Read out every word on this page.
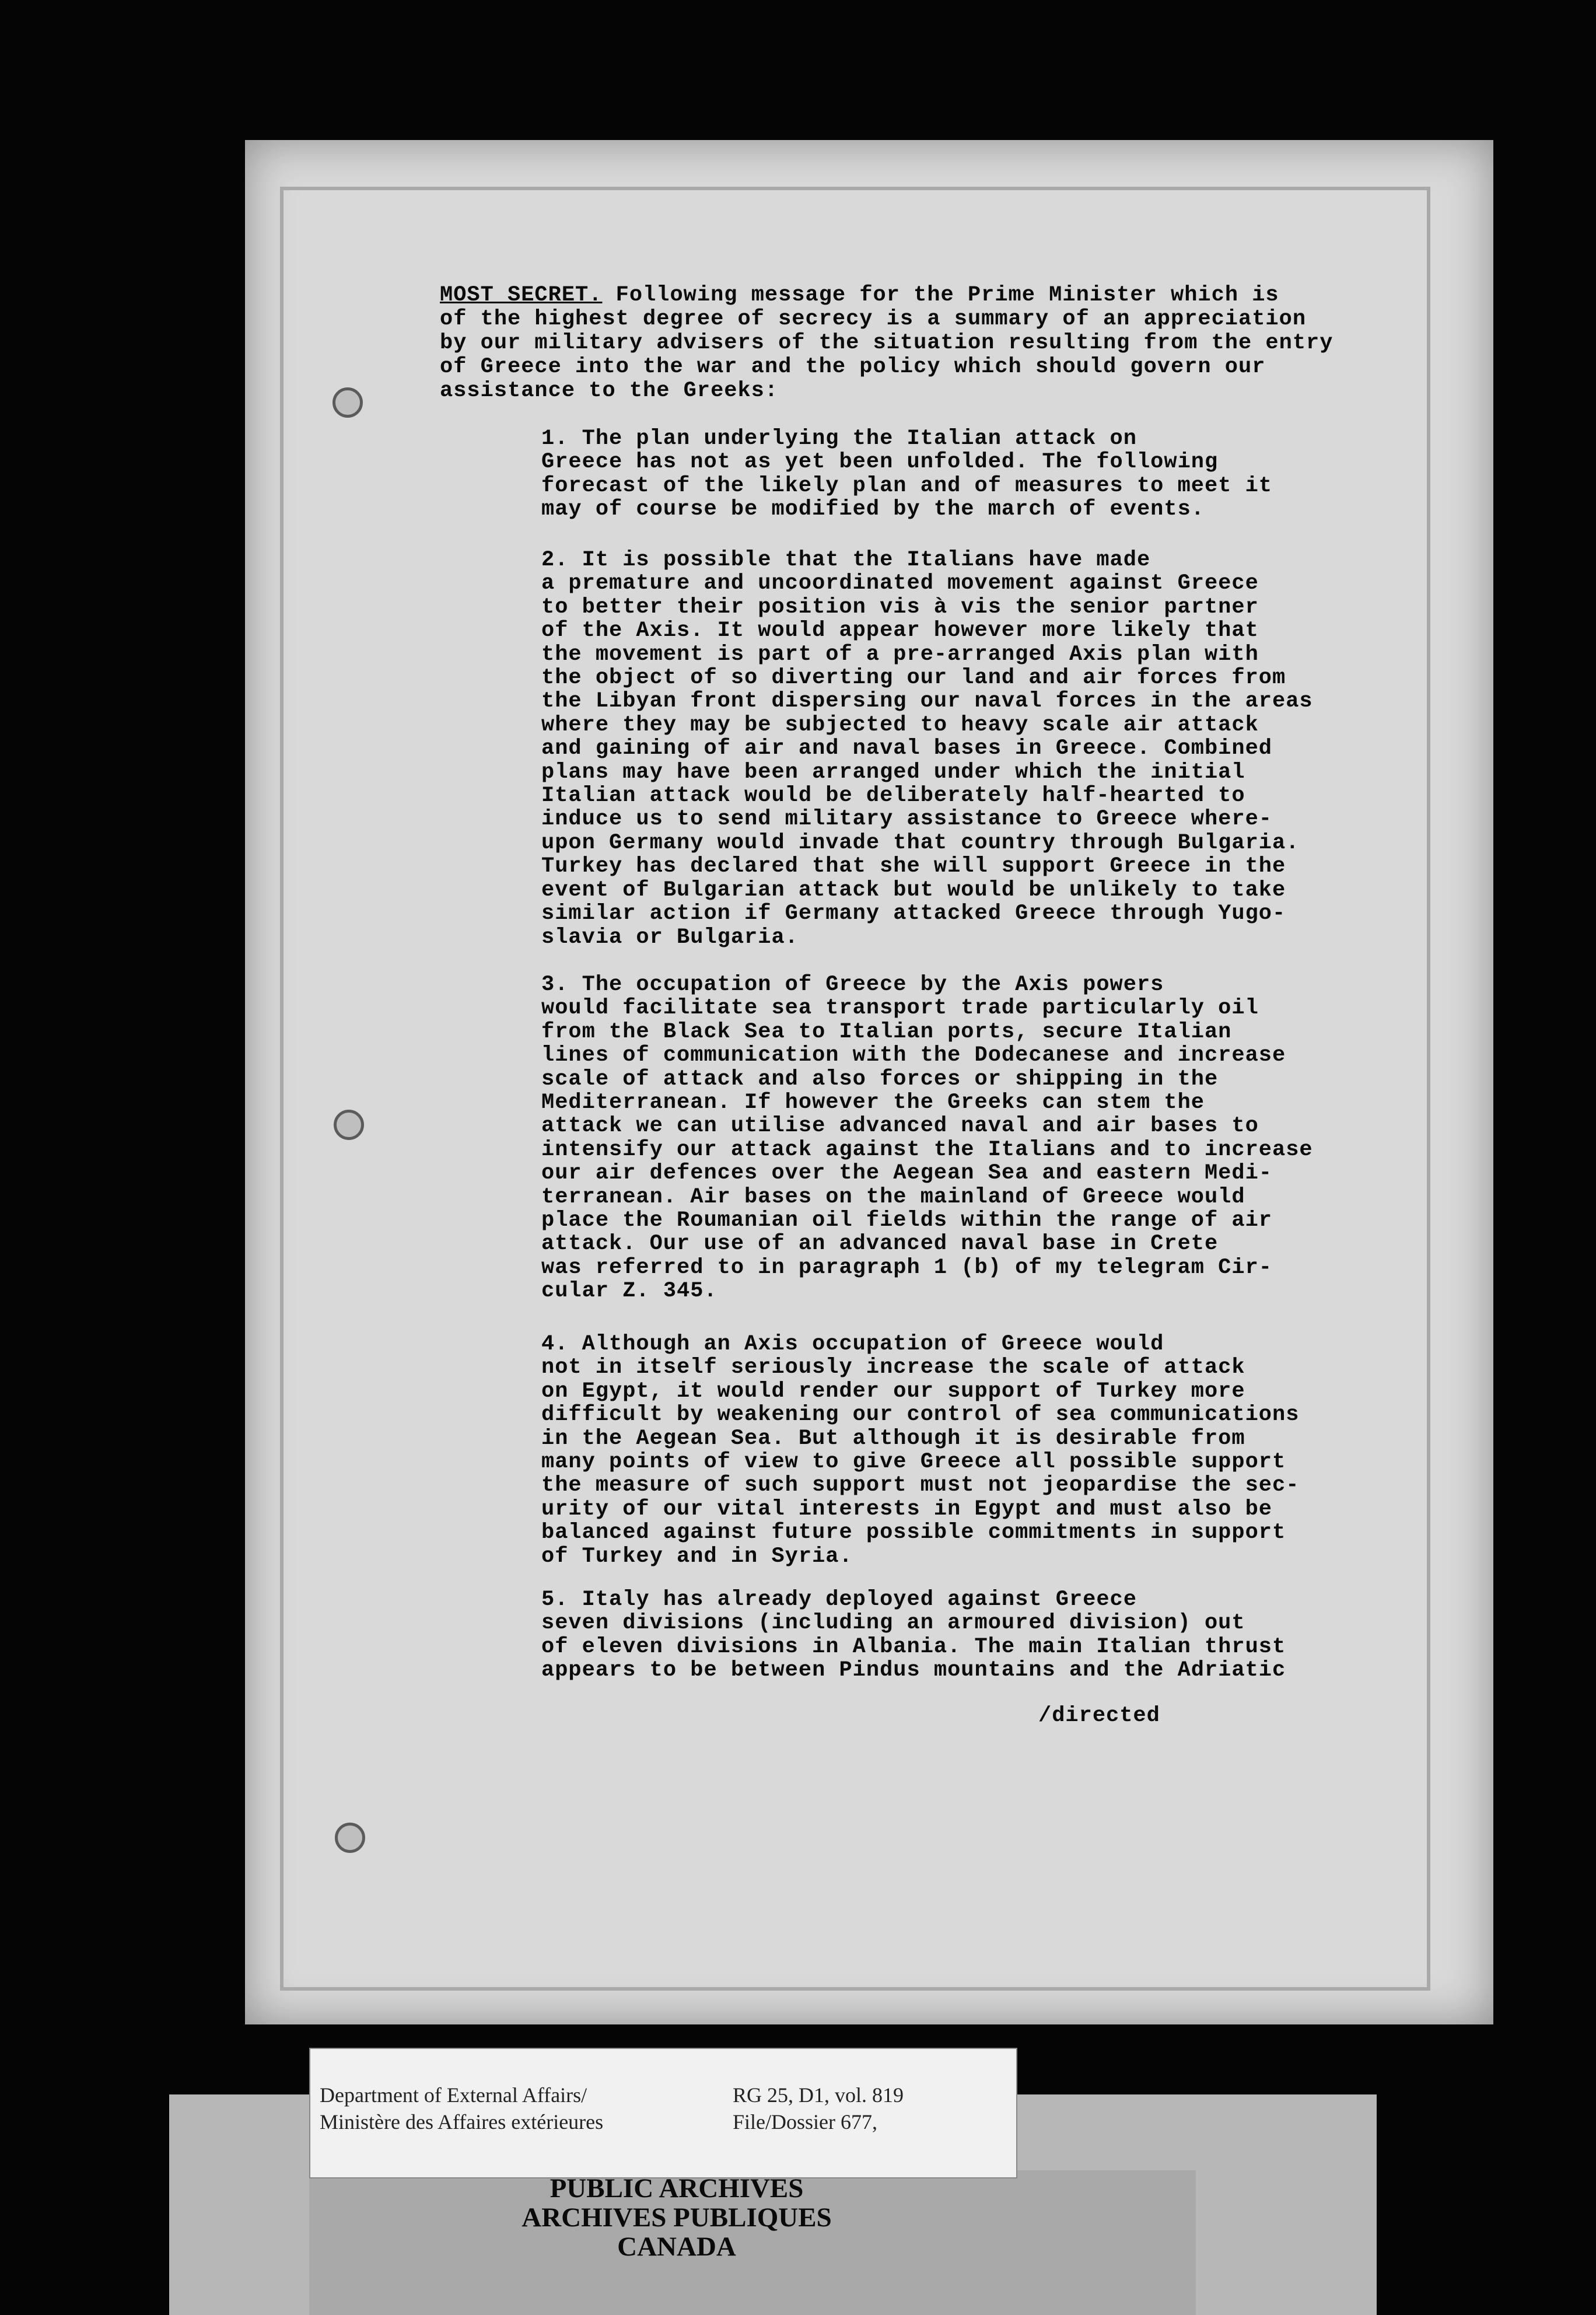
MOST SECRET. Following message for the Prime Minister which is
of the highest degree of secrecy is a summary of an appreciation
by our military advisers of the situation resulting from the entry
of Greece into the war and the policy which should govern our
assistance to the Greeks:
1. The plan underlying the Italian attack on
Greece has not as yet been unfolded. The following
forecast of the likely plan and of measures to meet it
may of course be modified by the march of events.
2. It is possible that the Italians have made
a premature and uncoordinated movement against Greece
to better their position vis à vis the senior partner
of the Axis. It would appear however more likely that
the movement is part of a pre-arranged Axis plan with
the object of so diverting our land and air forces from
the Libyan front dispersing our naval forces in the areas
where they may be subjected to heavy scale air attack
and gaining of air and naval bases in Greece. Combined
plans may have been arranged under which the initial
Italian attack would be deliberately half-hearted to
induce us to send military assistance to Greece where-
upon Germany would invade that country through Bulgaria.
Turkey has declared that she will support Greece in the
event of Bulgarian attack but would be unlikely to take
similar action if Germany attacked Greece through Yugo-
slavia or Bulgaria.
3. The occupation of Greece by the Axis powers
would facilitate sea transport trade particularly oil
from the Black Sea to Italian ports, secure Italian
lines of communication with the Dodecanese and increase
scale of attack and also forces or shipping in the
Mediterranean. If however the Greeks can stem the
attack we can utilise advanced naval and air bases to
intensify our attack against the Italians and to increase
our air defences over the Aegean Sea and eastern Medi-
terranean. Air bases on the mainland of Greece would
place the Roumanian oil fields within the range of air
attack. Our use of an advanced naval base in Crete
was referred to in paragraph 1 (b) of my telegram Cir-
cular Z. 345.
4. Although an Axis occupation of Greece would
not in itself seriously increase the scale of attack
on Egypt, it would render our support of Turkey more
difficult by weakening our control of sea communications
in the Aegean Sea. But although it is desirable from
many points of view to give Greece all possible support
the measure of such support must not jeopardise the sec-
urity of our vital interests in Egypt and must also be
balanced against future possible commitments in support
of Turkey and in Syria.
5. Italy has already deployed against Greece
seven divisions (including an armoured division) out
of eleven divisions in Albania. The main Italian thrust
appears to be between Pindus mountains and the Adriatic
/directed
Department of External Affairs/
Ministère des Affaires extérieures
RG 25, D1, vol. 819
File/Dossier 677,
PUBLIC ARCHIVES
ARCHIVES PUBLIQUES
CANADA
